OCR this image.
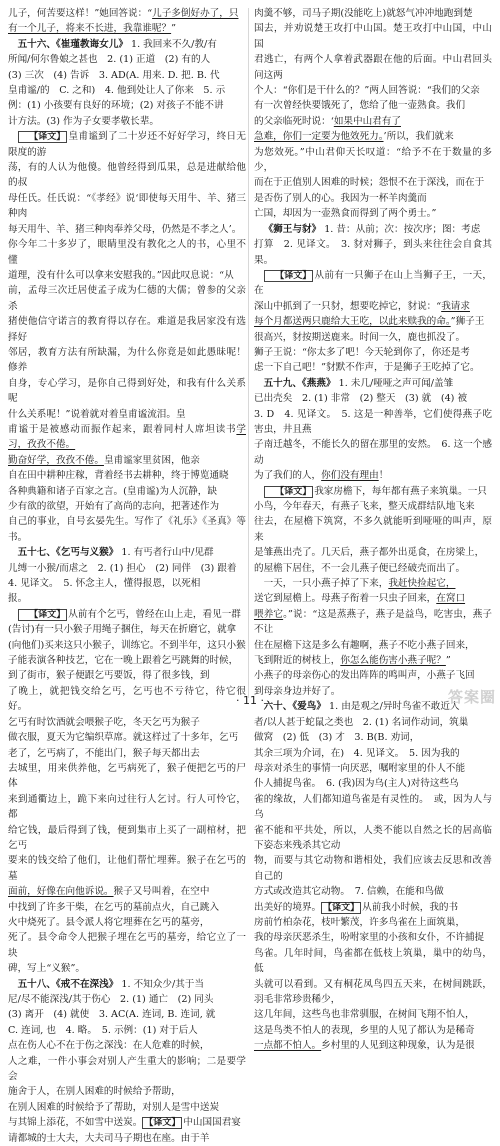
儿子，何苦要这样！”她回答说：“儿子多倒好办了，只

有一个儿子，将来不长进，我靠谁呢？”

五十六、《崔瑾教诲女儿》 1. 我回来不久/教/有

所闻/何尔鲁娘之甚也　2. (1) 正道　(2) 有的人

(3) 三次　(4) 告诉　3. AD(A. 用来. D. 把. B. 代

皇甫谧/的　C. 之和)　4. 他到处让人了你来　5. 示

例：(1) 小孩要有良好的环境；(2) 对孩子不能不讲

计方法。(3) 作为子女要孝敬长辈。

【译文】 皇甫谧到了二十岁还不好好学习，终日无限度的游

荡，有的人认为他傻。他曾经得到瓜果，总是进献给他的叔

母任氏。任氏说：“《孝经》说‘即使每天用牛、羊、猪三种肉

每天用牛、羊、猪三种肉奉养父母，仍然是不孝之人’。

你今年二十多岁了，眼睛里没有教化之人的书，心里不懂

道理，没有什么可以拿来安慰我的。”因此叹息说：“从

前，孟母三次迁居使孟子成为仁德的大儒；曾参的父亲杀

猪使他信守诺言的教育得以存在。难道是我居家没有选择好

邻居，教育方法有所缺漏，为什么你竟是如此愚昧呢！修养

自身，专心学习，是你自己得到好处，和我有什么关系呢

什么关系呢！”说着就对着皇甫谧流泪。皇

甫谧于是被感动而振作起来，跟着同村人席坦读书学习，孜孜不倦。

勤奋好学，孜孜不倦。皇甫谧家里贫困，他亲

自在田中耕种庄稼，背着经书去耕种，终于博览通晓

各种典籍和诸子百家之言。(皇甫谧)为人沉静，缺

少有欲的欲望，开始有了高尚的志向，把著述作为

自己的事业，自号玄晏先生。写作了《礼乐》《圣真》等书。

五十七、《乞丐与义猴》 1. 有丐者行山中/见群

儿缚一小猴/而虐之　2. (1) 担心　(2) 同伴　(3) 跟着

4. 见译文。　5. 怀念主人，懂得报恩，以死相

报。

【译文】 从前有个乞丐，曾经在山上走，看见一群

(告讨)有一只小猴子用绳子捆住，每天在折磨它，就拿

(向他们)买来这只小猴子，训练它。不到半年，这只小猴

子能表演各种技艺，它在一晚上跟着乞丐跳舞的时候，

到了街市，猴子便跟乞丐要饭，得了很多钱，到

了晚上，就把钱交给乞丐，乞丐也不亏待它，待它很好。

乞丐有时饮酒就会喂猴子吃，冬天乞丐为猴子

做衣服，夏天为它编织草席。就这样过了十多年，乞丐

老了，乞丐病了，不能出门，猴子每天都出去

去城里，用来供养他，乞丐病死了，猴子便把乞丐的尸体

来到通衢边上，跪下来向过往行人乞讨。行人可怜它，都

给它钱，最后得到了钱，便到集市上买了一副棺材，把乞丐

要来的钱交给了他们，让他们帮忙埋葬。猴子在乞丐的墓

面前，好像在向他诉说。猴子又号叫着，在空中

中找到了许多干柴，在乞丐的墓前点火，自己跳入

火中烧死了。县令派人将它埋葬在乞丐的墓旁，

死了。县令命令人把猴子埋在乞丐的墓旁，给它立了一块

碑，写上“义猴”。

五十八、《戒不在深浅》 1. 不知众少/其于当

尼/尽不能深浅/其于伤心　2. (1) 通亡　(2) 同头

(3) 离开　(4) 就使　3. AC(A. 连词, B. 连词, 就

C. 连词, 也　4. 略。　5. 示例：(1) 对于后人

点在伤人心不在于伤之深浅：在人危难的时候，

人之难，一件小事会对别人产生重大的影响；二是要学会

施舍于人，在别人困难的时候给予帮助，

在别人困难的时候给予了帮助，对别人是雪中送炭

与其锦上添花，不如雪中送炭。 【译文】 中山国国君宴

请都城的士大夫，大夫司马子期也在座。由于羊

肉羹不够，司马子期(没能吃上)就怒气冲冲地跑到楚

国去，并劝说楚王攻打中山国。楚王攻打中山国，中山国

君逃亡，有两个人拿着武器跟在他的后面。中山君回头问这两

个人：“你们是干什么的？”两人回答说：“我们的父亲

有一次曾经快要饿死了，您给了他一壶熟食。我们

的父亲临死时说：‘如果中山君有了

急难，你们一定要为他效死力。’所以，我们就来

为您效死。”中山君仰天长叹道：“给予不在于数量的多少，

而在于正值别人困难的时候；怨恨不在于深浅，而在于

是否伤了别人的心。我因为一杯羊肉羹而

亡国，却因为一壶熟食而得到了两个勇士。”

《狮王与豺》 1. 昔：从前；次：按次序；图：考虑

打算　2. 见译文。　3. 豺对狮子，到头来往往会自食其果。

【译文】 从前有一只狮子在山上当狮子王，一天，在

深山中抓到了一只豺，想要吃掉它，豺说：“我请求

每个月都送两只鹿给大王吃，以此来赎我的命。”狮子王

很高兴，豺按期送鹿来。时间一久，鹿也抓没了。

狮子王说：“你太多了吧！今天轮到你了，你还是考

虑一下自己吧！”豺默不作声，于是狮子王吃掉了它。

五十九、《燕燕》 1. 未几/哑哑之声可闻/盖雏

已出壳矣　2. (1) 非常　(2) 整天　(3) 就　(4) 被

3. D　4. 见译文。　5. 这是一种善举，它们使得燕子吃害虫，井且燕

子南迁越冬，不能长久的留在那里的安然。　6. 这一个感动

为了我们的人，你们没有理由！

【译文】 我家房檐下，每年都有燕子来筑巢。一只

小鸟，今年春天，有燕子飞来，整天成群结队地飞来

往去，在屋檐下筑窝，不多久就能听到哑哑的叫声，原来

是雏燕出壳了。几天后，燕子都外出觅食，在房梁上，

的屋檐下居住，不一会儿燕子便已经破壳而出了。

一天，一只小燕子掉了下来，我赶快捡起它，

送它到屋檐上。母燕子衔着一只虫子回来，在窝口

喂养它。”说：“这是蒸燕子，燕子是益鸟，吃害虫，燕子不让

住在屋檐下这是多么有趣啊，燕子不吃小燕子回来，

飞到附近的树枝上，你怎么能伤害小燕子呢？”

小燕子的母亲伤心的发出阵阵的鸣叫声，小燕子飞回

到母亲身边并好了。

六十、《爱鸟》 1. 由是观之/异时鸟雀不敢近人

者/以人甚于蛇鼠之类也　2. (1) 名词作动词，筑巢

做窝　(2) 低　(3) 才　3. B(B. 劝词，

其余三项为介词，在)　4. 见译文。　5. 因为我的

母亲对杀生的事情一向厌恶，嘱咐家里的仆人不能

仆人捕捉鸟雀。　6. (我)因为乌(主人)对待这些乌

雀的缘故，人们都知道鸟雀是有灵性的。　或，因为人与乌

雀不能和平共处，所以，人类不能以自然之长的居高临下姿态来残杀其它动

物，而要与其它动物和谐相处，我们应该去反思和改善自己的

方式或改造其它动物。　7. 信赖，在能和鸟做

出美好的境界。 【译文】 从前我小时候，我的书

房前竹柏杂花，枝叶繁茂，许多鸟雀在上面筑巢，

我的母亲厌恶杀生，吩咐家里的小孩和女仆，不许捕捉

鸟雀。几年时间，鸟雀都在低枝上筑巢，巢中的幼鸟，低

头就可以看到。又有桐花凤鸟四五天来，在树间跳跃，羽毛非常珍贵稀少，

这几年间，这些鸟也非常驯服，在树间飞翔不怕人，

这是鸟类不怕人的表现，乡里的人见了都认为是稀奇

一点都不怕人。乡村里的人见到这种现象，认为是很

· 11 ·	答案圈
